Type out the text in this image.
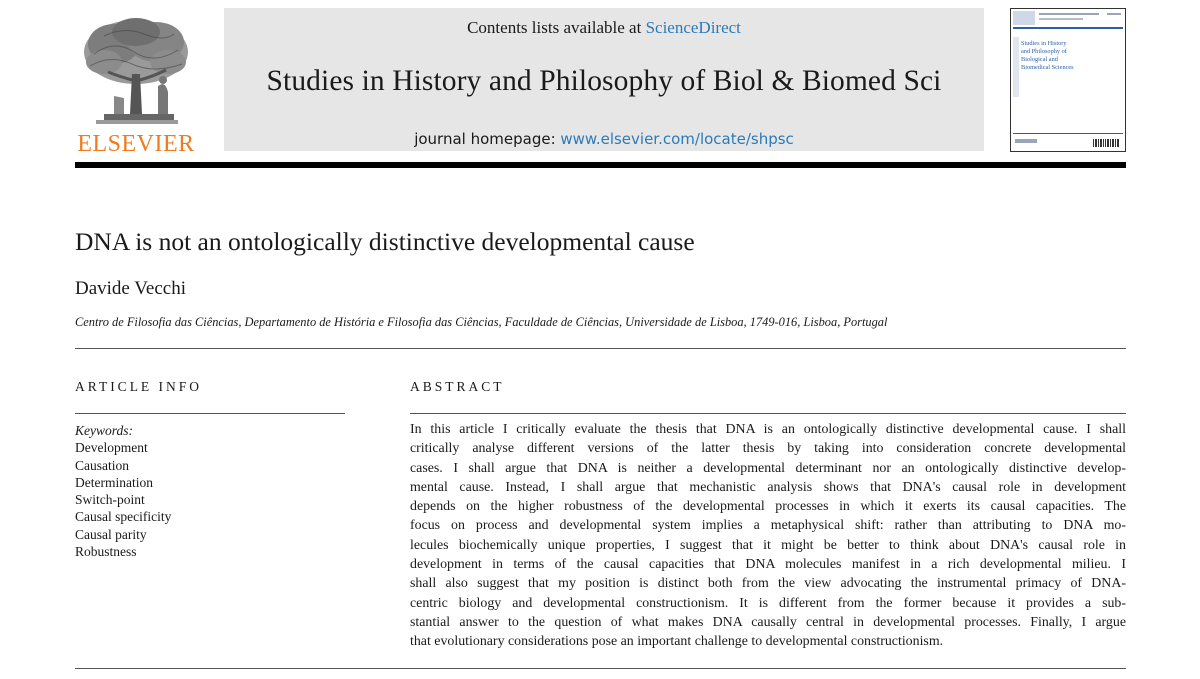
ELSEVIER
Contents lists available at ScienceDirect
Studies in History and Philosophy of Biol & Biomed Sci
journal homepage: www.elsevier.com/locate/shpsc
Studies in History
and Philosophy of
Biological and
Biomedical Sciences
DNA is not an ontologically distinctive developmental cause
Davide Vecchi
Centro de Filosofia das Ciências, Departamento de História e Filosofia das Ciências, Faculdade de Ciências, Universidade de Lisboa, 1749-016, Lisboa, Portugal
ARTICLE INFO
Keywords:
Development
Causation
Determination
Switch-point
Causal specificity
Causal parity
Robustness
ABSTRACT
In this article I critically evaluate the thesis that DNA is an ontologically distinctive developmental cause. I shall
critically analyse different versions of the latter thesis by taking into consideration concrete developmental
cases. I shall argue that DNA is neither a developmental determinant nor an ontologically distinctive develop-
mental cause. Instead, I shall argue that mechanistic analysis shows that DNA's causal role in development
depends on the higher robustness of the developmental processes in which it exerts its causal capacities. The
focus on process and developmental system implies a metaphysical shift: rather than attributing to DNA mo-
lecules biochemically unique properties, I suggest that it might be better to think about DNA's causal role in
development in terms of the causal capacities that DNA molecules manifest in a rich developmental milieu. I
shall also suggest that my position is distinct both from the view advocating the instrumental primacy of DNA-
centric biology and developmental constructionism. It is different from the former because it provides a sub-
stantial answer to the question of what makes DNA causally central in developmental processes. Finally, I argue
that evolutionary considerations pose an important challenge to developmental constructionism.
